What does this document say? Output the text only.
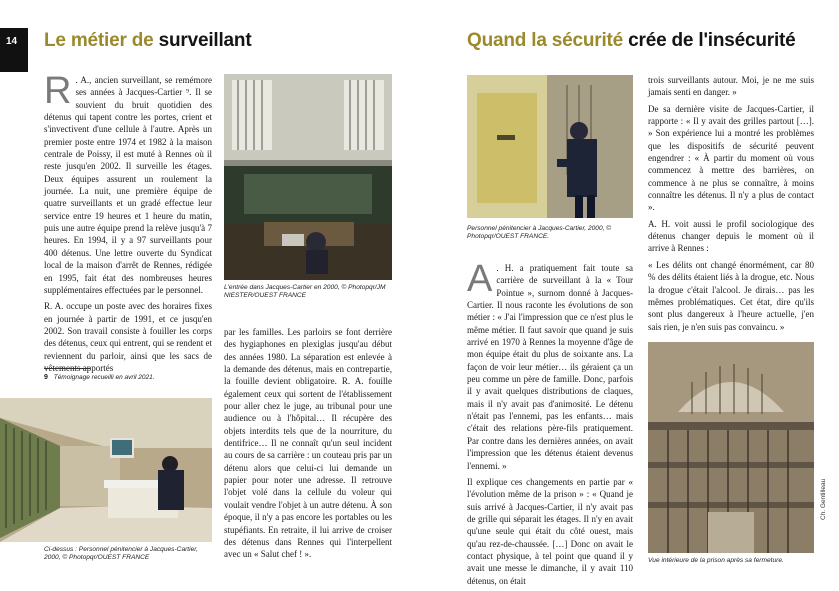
14	Le métier de surveillant

R . A., ancien surveillant, se remémore ses années à Jacques-Cartier ⁹. Il se souvient du bruit quotidien des détenus qui tapent contre les portes, crient et s'invectivent d'une cellule à l'autre. Après un premier poste entre 1974 et 1982 à la maison centrale de Poissy, il est muté à Rennes où il reste jusqu'en 2002. Il surveille les étages. Deux équipes assurent un roulement la journée. La nuit, une première équipe de quatre surveillants et un gradé effectue leur service entre 19 heures et 1 heure du matin, puis une autre équipe prend la relève jusqu'à 7 heures. En 1994, il y a 97 surveillants pour 400 détenus. Une lettre ouverte du Syndicat local de la maison d'arrêt de Rennes, rédigée en 1995, fait état des nombreuses heures supplémentaires effectuées par le personnel.

R. A. occupe un poste avec des horaires fixes en journée à partir de 1991, et ce jusqu'en 2002. Son travail consiste à fouiller les corps des détenus, ceux qui entrent, qui se rendent et reviennent du parloir, ainsi que les sacs de vêtements apportés

9 Témoignage recueilli en avril 2021.
L'entrée dans Jacques-Cartier en 2000, © Photopqr/JM NIESTER/OUEST FRANCE
Ci-dessus : Personnel pénitencier à Jacques-Cartier, 2000, © Photopqr/OUEST FRANCE

par les familles. Les parloirs se font derrière des hygiaphones en plexiglas jusqu'au début des années 1980. La séparation est enlevée à la demande des détenus, mais en contrepartie, la fouille devient obligatoire. R. A. fouille également ceux qui sortent de l'établissement pour aller chez le juge, au tribunal pour une audience ou à l'hôpital… Il récupère des objets interdits tels que de la nourriture, du dentifrice… Il ne connaît qu'un seul incident au cours de sa carrière : un couteau pris par un détenu alors que celui-ci lui demande un papier pour noter une adresse. Il retrouve l'objet volé dans la cellule du voleur qui voulait vendre l'objet à un autre détenu. À son époque, il n'y a pas encore les portables ou les stupéfiants. En retraite, il lui arrive de croiser des détenus dans Rennes qui l'interpellent avec un « Salut chef ! ».

Quand la sécurité crée de l'insécurité
Personnel pénitencier à Jacques-Cartier, 2000, © Photopqr/OUEST FRANCE.

A . H. a pratiquement fait toute sa carrière de surveillant à la « Tour Pointue », surnom donné à Jacques-Cartier. Il nous raconte les évolutions de son métier : « J'ai l'impression que ce n'est plus le même métier. Il faut savoir que quand je suis arrivé en 1970 à Rennes la moyenne d'âge de mon équipe était du plus de soixante ans. La façon de voir leur métier… ils géraient ça un peu comme un père de famille. Donc, parfois il y avait quelques distributions de claques, mais il n'y avait pas d'animosité. Le détenu n'était pas l'ennemi, pas les enfants… mais c'était des relations père-fils pratiquement. Par contre dans les dernières années, on avait l'impression que les détenus étaient devenus l'ennemi. »

Il explique ces changements en partie par « l'évolution même de la prison » : « Quand je suis arrivé à Jacques-Cartier, il n'y avait pas de grille qui séparait les étages. Il n'y en avait qu'une seule qui était du côté ouest, mais qu'au rez-de-chaussée. […] Donc on avait le contact physique, à tel point que quand il y avait une messe le dimanche, il y avait 110 détenus, on était

trois surveillants autour. Moi, je ne me suis jamais senti en danger. »

De sa dernière visite de Jacques-Cartier, il rapporte : « Il y avait des grilles partout […]. » Son expérience lui a montré les problèmes que les dispositifs de sécurité peuvent engendrer : « À partir du moment où vous commencez à mettre des barrières, on commence à ne plus se connaître, à moins connaître les détenus. Il n'y a plus de contact ».

A. H. voit aussi le profil sociologique des détenus changer depuis le moment où il arrive à Rennes :

« Les délits ont changé énormément, car 80 % des délits étaient liés à la drogue, etc. Nous la drogue c'était l'alcool. Je dirais… pas les mêmes problématiques. Cet état, dire qu'ils sont plus dangereux à l'heure actuelle, j'en sais rien, je n'en suis pas convaincu. »

Ch. Gentilleau
Vue intérieure de la prison après sa fermeture.
